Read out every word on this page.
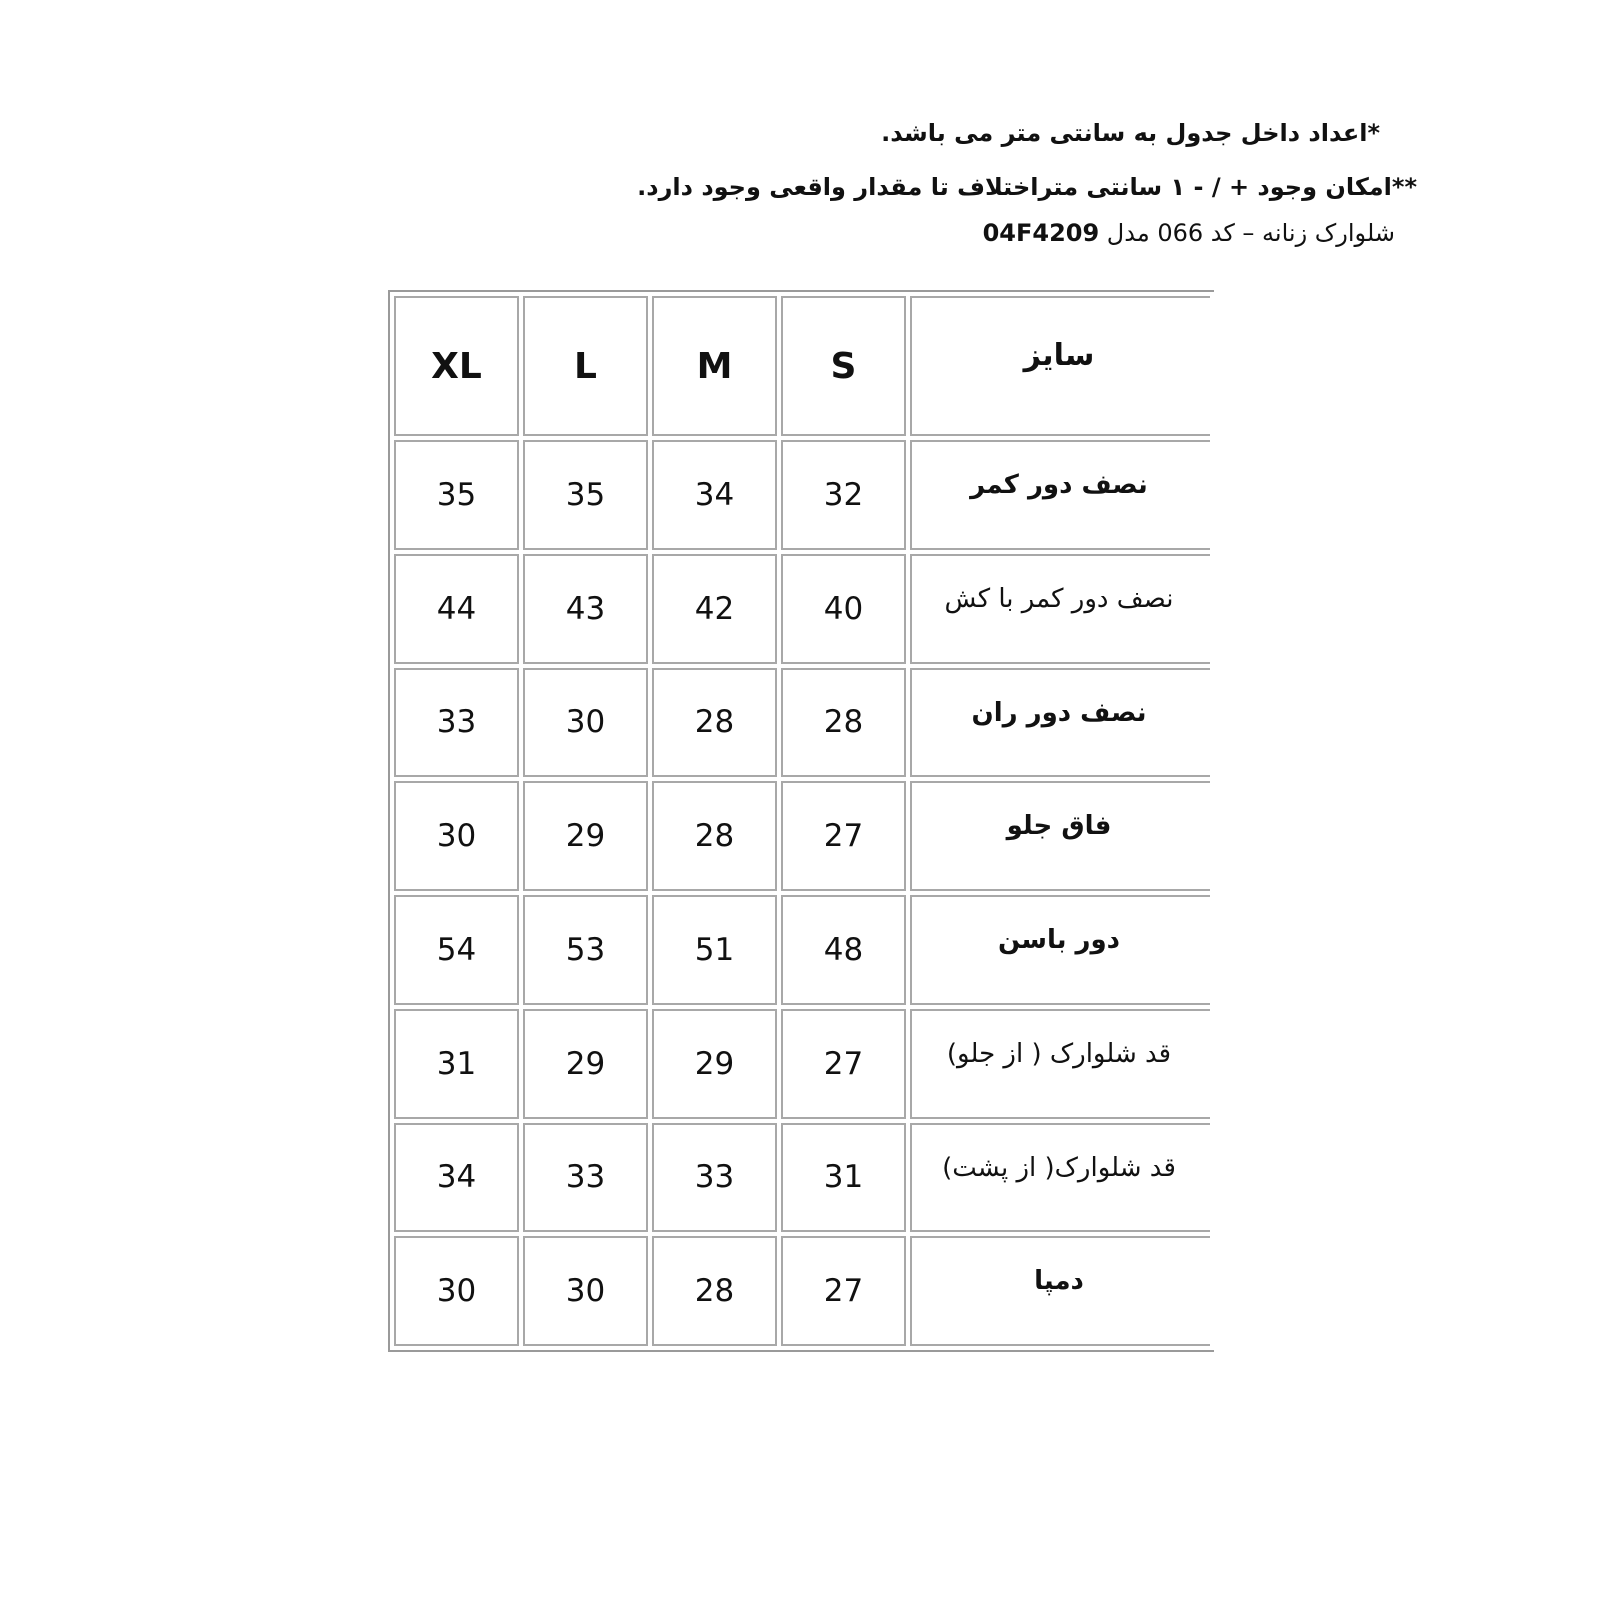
*اعداد داخل جدول به سانتی متر می باشد.
**امکان وجود + / - ۱ سانتی متراختلاف تا مقدار واقعی وجود دارد.
شلوارک زنانه – کد 066 مدل 04F4209
XL	L	M	S	سایز
35	35	34	32	نصف دور کمر
44	43	42	40	نصف دور کمر با کش
33	30	28	28	نصف دور ران
30	29	28	27	فاق جلو
54	53	51	48	دور باسن
31	29	29	27	قد شلوارک ( از جلو)
34	33	33	31	قد شلوارک( از پشت)
30	30	28	27	دمپا
